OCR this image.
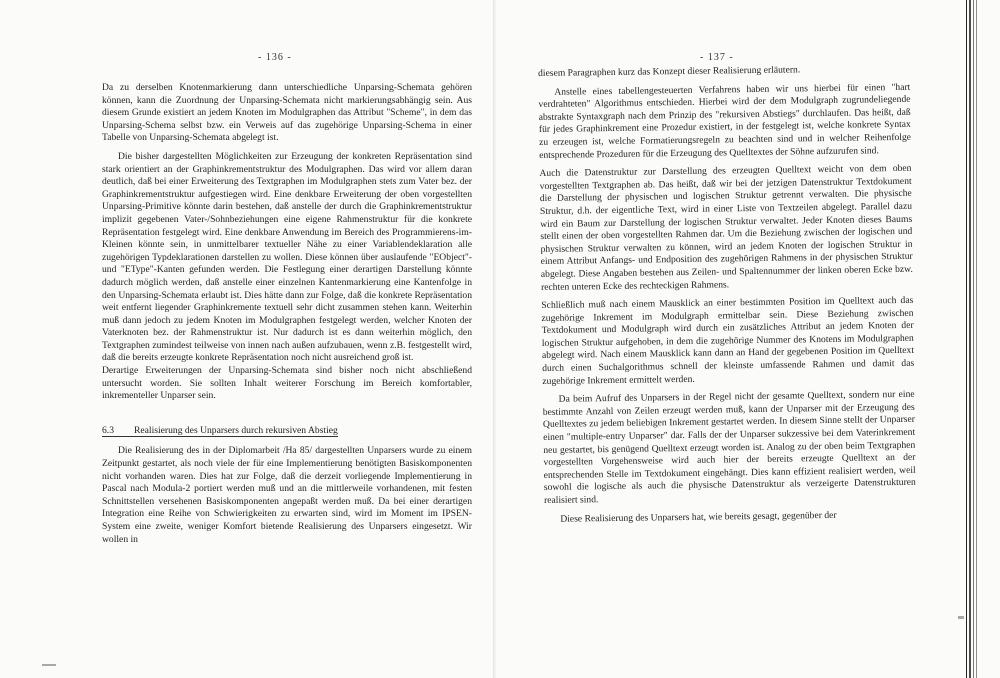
- 136 -

Da zu derselben Knotenmarkierung dann unterschiedliche Unparsing-Schemata gehören können, kann die Zuordnung der Unparsing-Schemata nicht markierungsabhängig sein. Aus diesem Grunde existiert an jedem Knoten im Modulgraphen das Attribut "Scheme", in dem das Unparsing-Schema selbst bzw. ein Verweis auf das zugehörige Unparsing-Schema in einer Tabelle von Unparsing-Schemata abgelegt ist.

Die bisher dargestellten Möglichkeiten zur Erzeugung der konkreten Repräsentation sind stark orientiert an der Graphinkrementstruktur des Modulgraphen. Das wird vor allem daran deutlich, daß bei einer Erweiterung des Textgraphen im Modulgraphen stets zum Vater bez. der Graphinkrementstruktur aufgestiegen wird. Eine denkbare Erweiterung der oben vorgestellten Unparsing-Primitive könnte darin bestehen, daß anstelle der durch die Graphinkrementstruktur implizit gegebenen Vater-/Sohnbeziehungen eine eigene Rahmenstruktur für die konkrete Repräsentation festgelegt wird. Eine denkbare Anwendung im Bereich des Programmierens-im-Kleinen könnte sein, in unmittelbarer textueller Nähe zu einer Variablendeklaration alle zugehörigen Typdeklarationen darstellen zu wollen. Diese können über auslaufende "EObject"- und "EType"-Kanten gefunden werden. Die Festlegung einer derartigen Darstellung könnte dadurch möglich werden, daß anstelle einer einzelnen Kantenmarkierung eine Kantenfolge in den Unparsing-Schemata erlaubt ist. Dies hätte dann zur Folge, daß die konkrete Repräsentation weit entfernt liegender Graphinkremente textuell sehr dicht zusammen stehen kann. Weiterhin muß dann jedoch zu jedem Knoten im Modulgraphen festgelegt werden, welcher Knoten der Vaterknoten bez. der Rahmenstruktur ist. Nur dadurch ist es dann weiterhin möglich, den Textgraphen zumindest teilweise von innen nach außen aufzubauen, wenn z.B. festgestellt wird, daß die bereits erzeugte konkrete Repräsentation noch nicht ausreichend groß ist.

Derartige Erweiterungen der Unparsing-Schemata sind bisher noch nicht abschließend untersucht worden. Sie sollten Inhalt weiterer Forschung im Bereich komfortabler, inkrementeller Unparser sein.

6.3 Realisierung des Unparsers durch rekursiven Abstieg

Die Realisierung des in der Diplomarbeit /Ha 85/ dargestellten Unparsers wurde zu einem Zeitpunkt gestartet, als noch viele der für eine Implementierung benötigten Basiskomponenten nicht vorhanden waren. Dies hat zur Folge, daß die derzeit vorliegende Implementierung in Pascal nach Modula-2 portiert werden muß und an die mittlerweile vorhandenen, mit festen Schnittstellen versehenen Basiskomponenten angepaßt werden muß. Da bei einer derartigen Integration eine Reihe von Schwierigkeiten zu erwarten sind, wird im Moment im IPSEN-System eine zweite, weniger Komfort bietende Realisierung des Unparsers eingesetzt. Wir wollen in

- 137 -

diesem Paragraphen kurz das Konzept dieser Realisierung erläutern.

Anstelle eines tabellengesteuerten Verfahrens haben wir uns hierbei für einen "hart verdrahteten" Algorithmus entschieden. Hierbei wird der dem Modulgraph zugrundeliegende abstrakte Syntaxgraph nach dem Prinzip des "rekursiven Abstiegs" durchlaufen. Das heißt, daß für jedes Graphinkrement eine Prozedur existiert, in der festgelegt ist, welche konkrete Syntax zu erzeugen ist, welche Formatierungsregeln zu beachten sind und in welcher Reihenfolge entsprechende Prozeduren für die Erzeugung des Quelltextes der Söhne aufzurufen sind.

Auch die Datenstruktur zur Darstellung des erzeugten Quelltext weicht von dem oben vorgestellten Textgraphen ab. Das heißt, daß wir bei der jetzigen Datenstruktur Textdokument die Darstellung der physischen und logischen Struktur getrennt verwalten. Die physische Struktur, d.h. der eigentliche Text, wird in einer Liste von Textzeilen abgelegt. Parallel dazu wird ein Baum zur Darstellung der logischen Struktur verwaltet. Jeder Knoten dieses Baums stellt einen der oben vorgestellten Rahmen dar. Um die Beziehung zwischen der logischen und physischen Struktur verwalten zu können, wird an jedem Knoten der logischen Struktur in einem Attribut Anfangs- und Endposition des zugehörigen Rahmens in der physischen Struktur abgelegt. Diese Angaben bestehen aus Zeilen- und Spaltennummer der linken oberen Ecke bzw. rechten unteren Ecke des rechteckigen Rahmens.

Schließlich muß nach einem Mausklick an einer bestimmten Position im Quelltext auch das zugehörige Inkrement im Modulgraph ermittelbar sein. Diese Beziehung zwischen Textdokument und Modulgraph wird durch ein zusätzliches Attribut an jedem Knoten der logischen Struktur aufgehoben, in dem die zugehörige Nummer des Knotens im Modulgraphen abgelegt wird. Nach einem Mausklick kann dann an Hand der gegebenen Position im Quelltext durch einen Suchalgorithmus schnell der kleinste umfassende Rahmen und damit das zugehörige Inkrement ermittelt werden.

Da beim Aufruf des Unparsers in der Regel nicht der gesamte Quelltext, sondern nur eine bestimmte Anzahl von Zeilen erzeugt werden muß, kann der Unparser mit der Erzeugung des Quelltextes zu jedem beliebigen Inkrement gestartet werden. In diesem Sinne stellt der Unparser einen "multiple-entry Unparser" dar. Falls der der Unparser sukzessive bei dem Vaterinkrement neu gestartet, bis genügend Quelltext erzeugt worden ist. Analog zu der oben beim Textgraphen vorgestellten Vorgehensweise wird auch hier der bereits erzeugte Quelltext an der entsprechenden Stelle im Textdokument eingehängt. Dies kann effizient realisiert werden, weil sowohl die logische als auch die physische Datenstruktur als verzeigerte Datenstrukturen realisiert sind.

Diese Realisierung des Unparsers hat, wie bereits gesagt, gegenüber der
